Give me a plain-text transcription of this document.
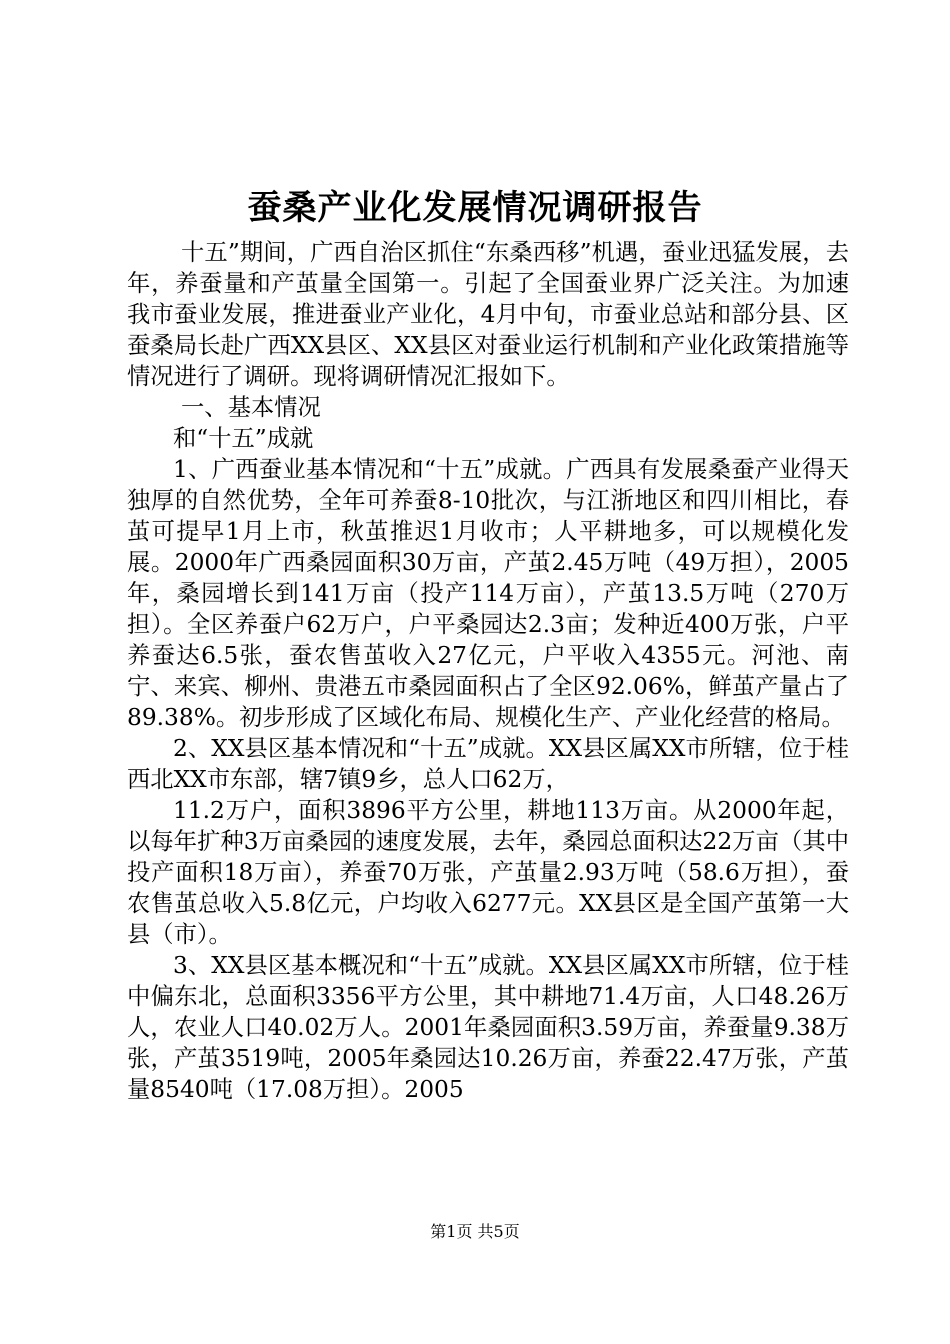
蚕桑产业化发展情况调研报告

十五”期间，广西自治区抓住“东桑西移”机遇，蚕业迅猛发展，去年，养蚕量和产茧量全国第一。引起了全国蚕业界广泛关注。为加速我市蚕业发展，推进蚕业产业化，4月中旬，市蚕业总站和部分县、区蚕桑局长赴广西XX县区、XX县区对蚕业运行机制和产业化政策措施等情况进行了调研。现将调研情况汇报如下。

一、基本情况

和“十五”成就

1、广西蚕业基本情况和“十五”成就。广西具有发展桑蚕产业得天独厚的自然优势，全年可养蚕8-10批次，与江浙地区和四川相比，春茧可提早1月上市，秋茧推迟1月收市；人平耕地多，可以规模化发展。2000年广西桑园面积30万亩，产茧2.45万吨（49万担），2005年，桑园增长到141万亩（投产114万亩），产茧13.5万吨（270万担）。全区养蚕户62万户，户平桑园达2.3亩；发种近400万张，户平养蚕达6.5张，蚕农售茧收入27亿元，户平收入4355元。河池、南宁、来宾、柳州、贵港五市桑园面积占了全区92.06%，鲜茧产量占了89.38%。初步形成了区域化布局、规模化生产、产业化经营的格局。

2、XX县区基本情况和“十五”成就。XX县区属XX市所辖，位于桂西北XX市东部，辖7镇9乡，总人口62万，

11.2万户，面积3896平方公里，耕地113万亩。从2000年起，以每年扩种3万亩桑园的速度发展，去年，桑园总面积达22万亩（其中投产面积18万亩），养蚕70万张，产茧量2.93万吨（58.6万担），蚕农售茧总收入5.8亿元，户均收入6277元。XX县区是全国产茧第一大县（市）。

3、XX县区基本概况和“十五”成就。XX县区属XX市所辖，位于桂中偏东北，总面积3356平方公里，其中耕地71.4万亩，人口48.26万人，农业人口40.02万人。2001年桑园面积3.59万亩，养蚕量9.38万张，产茧3519吨，2005年桑园达10.26万亩，养蚕22.47万张，产茧量8540吨（17.08万担）。2005

第1页 共5页
